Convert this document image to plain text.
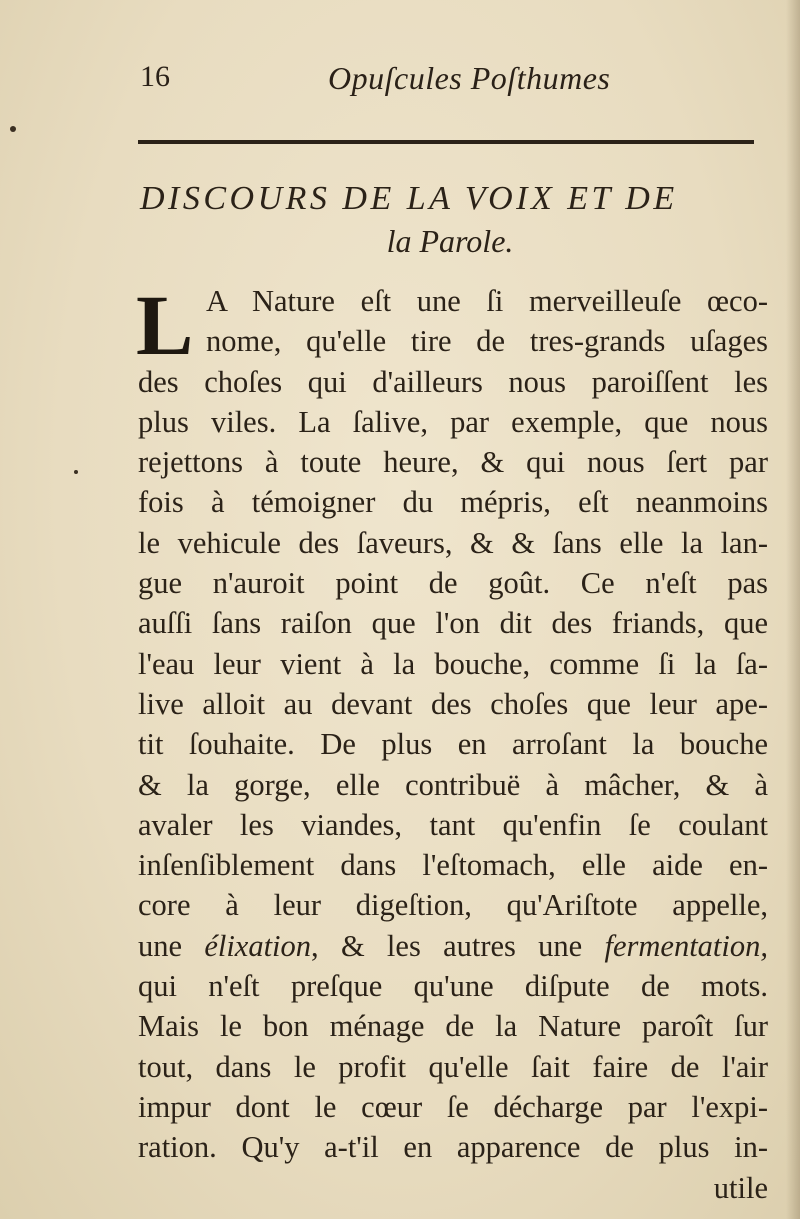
16	Opuſcules Poſthumes
DISCOURS DE LA VOIX ET DE
la Parole.
L A Nature eſt une ſi merveilleuſe œco-
nome, qu'elle tire de tres-grands uſages
des choſes qui d'ailleurs nous paroiſſent les
plus viles. La ſalive, par exemple, que nous
rejettons à toute heure, & qui nous ſert par
fois à témoigner du mépris, eſt neanmoins
le vehicule des ſaveurs, & & ſans elle la lan-
gue n'auroit point de goût. Ce n'eſt pas
auſſi ſans raiſon que l'on dit des friands, que
l'eau leur vient à la bouche, comme ſi la ſa-
live alloit au devant des choſes que leur ape-
tit ſouhaite. De plus en arroſant la bouche
& la gorge, elle contribuë à mâcher, & à
avaler les viandes, tant qu'enfin ſe coulant
inſenſiblement dans l'eſtomach, elle aide en-
core à leur digeſtion, qu'Ariſtote appelle,
une élixation, & les autres une fermentation,
qui n'eſt preſque qu'une diſpute de mots.
Mais le bon ménage de la Nature paroît ſur
tout, dans le profit qu'elle ſait faire de l'air
impur dont le cœur ſe décharge par l'expi-
ration. Qu'y a-t'il en apparence de plus in-
utile
